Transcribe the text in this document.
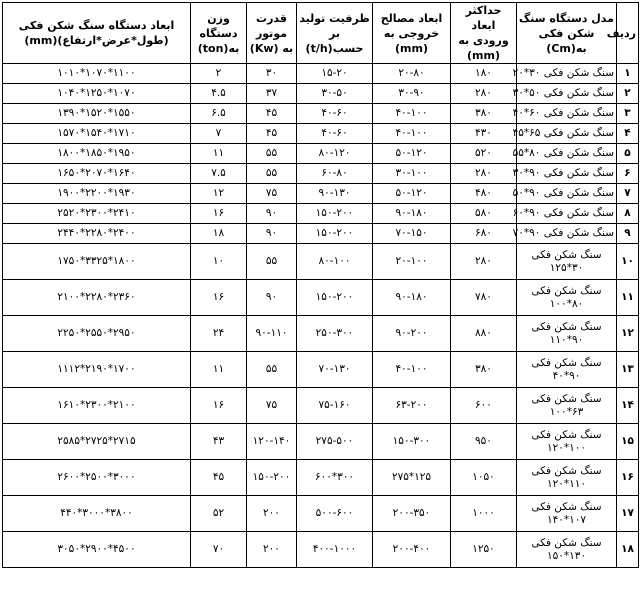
ردیف	مدل دستگاه سنگ شکن فکی به(Cm)	حداکثر ابعاد ورودی به (mm)	ابعاد مصالح خروجی به (mm)	ظرفیت تولید بر حسب(t/h)	قدرت موتور به (Kw)	وزن دستگاه به(ton)	ابعاد دستگاه سنگ شکن فکی (طول*عرض*ارتفاع)(mm)
۱	سنگ شکن فکی ۳۰*۲۰	۱۸۰	۲۰-۸۰	۱۵-۲۰	۳۰	۲	۱۱۰۰*۱۰۷۰*۱۰۱۰
۲	سنگ شکن فکی ۵۰*۳۰	۲۸۰	۳۰-۹۰	۳۰-۵۰	۳۷	۴.۵	۱۰۷۰*۱۲۵۰*۱۰۴۰
۳	سنگ شکن فکی ۶۰*۴۰	۳۸۰	۴۰-۱۰۰	۴۰-۶۰	۴۵	۶.۵	۱۵۵۰*۱۵۲۰*۱۳۹۰
۴	سنگ شکن فکی ۶۵*۴۵	۴۳۰	۴۰-۱۰۰	۴۰-۶۰	۴۵	۷	۱۷۱۰*۱۵۴۰*۱۵۷۰
۵	سنگ شکن فکی ۸۰*۵۵	۵۲۰	۵۰-۱۲۰	۸۰-۱۲۰	۵۵	۱۱	۱۹۵۰*۱۸۵۰*۱۸۰۰
۶	سنگ شکن فکی ۹۰*۳۰	۲۸۰	۳۰-۱۰۰	۶۰-۸۰	۵۵	۷.۵	۱۶۴۰*۲۰۷۰*۱۶۵۰
۷	سنگ شکن فکی ۹۰*۵۰	۴۸۰	۵۰-۱۲۰	۹۰-۱۳۰	۷۵	۱۲	۱۹۳۰*۲۲۰۰*۱۹۰۰
۸	سنگ شکن فکی ۹۰*۶۰	۵۸۰	۹۰-۱۸۰	۱۵۰-۲۰۰	۹۰	۱۶	۲۴۱۰*۲۳۰۰*۲۵۲۰
۹	سنگ شکن فکی ۹۰*۷۰	۶۸۰	۷۰-۱۵۰	۱۵۰-۲۰۰	۹۰	۱۸	۲۴۰۰*۲۲۸۰*۲۴۴۰
۱۰	سنگ شکن فکی ۳۰*۱۲۵	۲۸۰	۲۰-۱۰۰	۸۰-۱۰۰	۵۵	۱۰	۱۸۰۰*۳۳۲۵*۱۷۵۰
۱۱	سنگ شکن فکی ۸۰*۱۰۰	۷۸۰	۹۰-۱۸۰	۱۵۰-۲۰۰	۹۰	۱۶	۲۳۶۰*۲۲۸۰*۲۱۰۰
۱۲	سنگ شکن فکی ۹۰*۱۱۰	۸۸۰	۹۰-۲۰۰	۲۵۰-۳۰۰	۹۰-۱۱۰	۲۴	۲۹۵۰*۲۵۵۰*۲۲۵۰
۱۳	سنگ شکن فکی ۹۰*۴۰	۳۸۰	۴۰-۱۰۰	۷۰-۱۳۰	۵۵	۱۱	۱۷۰۰*۲۱۹۰*۱۱۱۲
۱۴	سنگ شکن فکی ۶۳*۱۰۰	۶۰۰	۶۳-۲۰۰	۷۵-۱۶۰	۷۵	۱۶	۲۱۰۰*۲۳۰۰*۱۶۱۰
۱۵	سنگ شکن فکی ۱۰۰*۱۲۰	۹۵۰	۱۵۰-۳۰۰	۲۷۵-۵۰۰	۱۲۰-۱۴۰	۴۳	۲۷۱۵*۲۷۲۵*۲۵۸۵
۱۶	سنگ شکن فکی ۱۱۰*۱۲۰	۱۰۵۰	۱۲۵*۲۷۵	۳۰۰*۶۰۰	۱۵۰-۲۰۰	۴۵	۳۰۰۰*۲۵۰۰*۲۶۰۰
۱۷	سنگ شکن فکی ۱۰۷*۱۴۰	۱۰۰۰	۲۰۰-۳۵۰	۵۰۰-۶۰۰	۲۰۰	۵۲	۳۸۰۰*۳۰۰۰*۴۴۰
۱۸	سنگ شکن فکی ۱۳۰*۱۵۰	۱۲۵۰	۲۰۰-۴۰۰	۴۰۰-۱۰۰۰	۲۰۰	۷۰	۴۵۰۰*۲۹۰۰*۳۰۵۰
